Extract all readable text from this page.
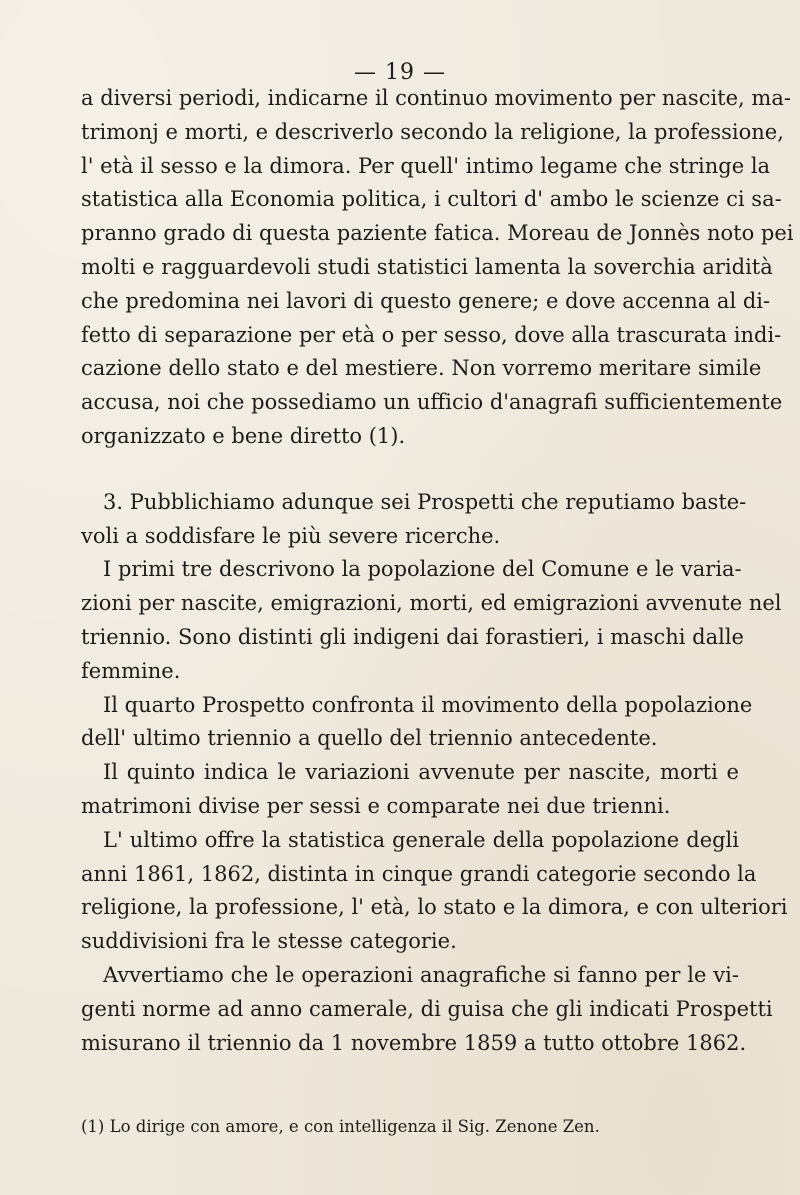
— 19 —
a diversi periodi, indicarne il continuo movimento per nascite, ma-
trimonj e morti, e descriverlo secondo la religione, la professione,
l' età il sesso e la dimora. Per quell' intimo legame che stringe la
statistica alla Economia politica, i cultori d' ambo le scienze ci sa-
pranno grado di questa paziente fatica. Moreau de Jonnès noto pei
molti e ragguardevoli studi statistici lamenta la soverchia aridità
che predomina nei lavori di questo genere; e dove accenna al di-
fetto di separazione per età o per sesso, dove alla trascurata indi-
cazione dello stato e del mestiere. Non vorremo meritare simile
accusa, noi che possediamo un ufficio d'anagrafi sufficientemente
organizzato e bene diretto (1).
3. Pubblichiamo adunque sei Prospetti che reputiamo baste-
voli a soddisfare le più severe ricerche.
I primi tre descrivono la popolazione del Comune e le varia-
zioni per nascite, emigrazioni, morti, ed emigrazioni avvenute nel
triennio. Sono distinti gli indigeni dai forastieri, i maschi dalle
femmine.
Il quarto Prospetto confronta il movimento della popolazione
dell' ultimo triennio a quello del triennio antecedente.
Il quinto indica le variazioni avvenute per nascite, morti e
matrimoni divise per sessi e comparate nei due trienni.
L' ultimo offre la statistica generale della popolazione degli
anni 1861, 1862, distinta in cinque grandi categorie secondo la
religione, la professione, l' età, lo stato e la dimora, e con ulteriori
suddivisioni fra le stesse categorie.
Avvertiamo che le operazioni anagrafiche si fanno per le vi-
genti norme ad anno camerale, di guisa che gli indicati Prospetti
misurano il triennio da 1 novembre 1859 a tutto ottobre 1862.
(1) Lo dirige con amore, e con intelligenza il Sig. Zenone Zen.
